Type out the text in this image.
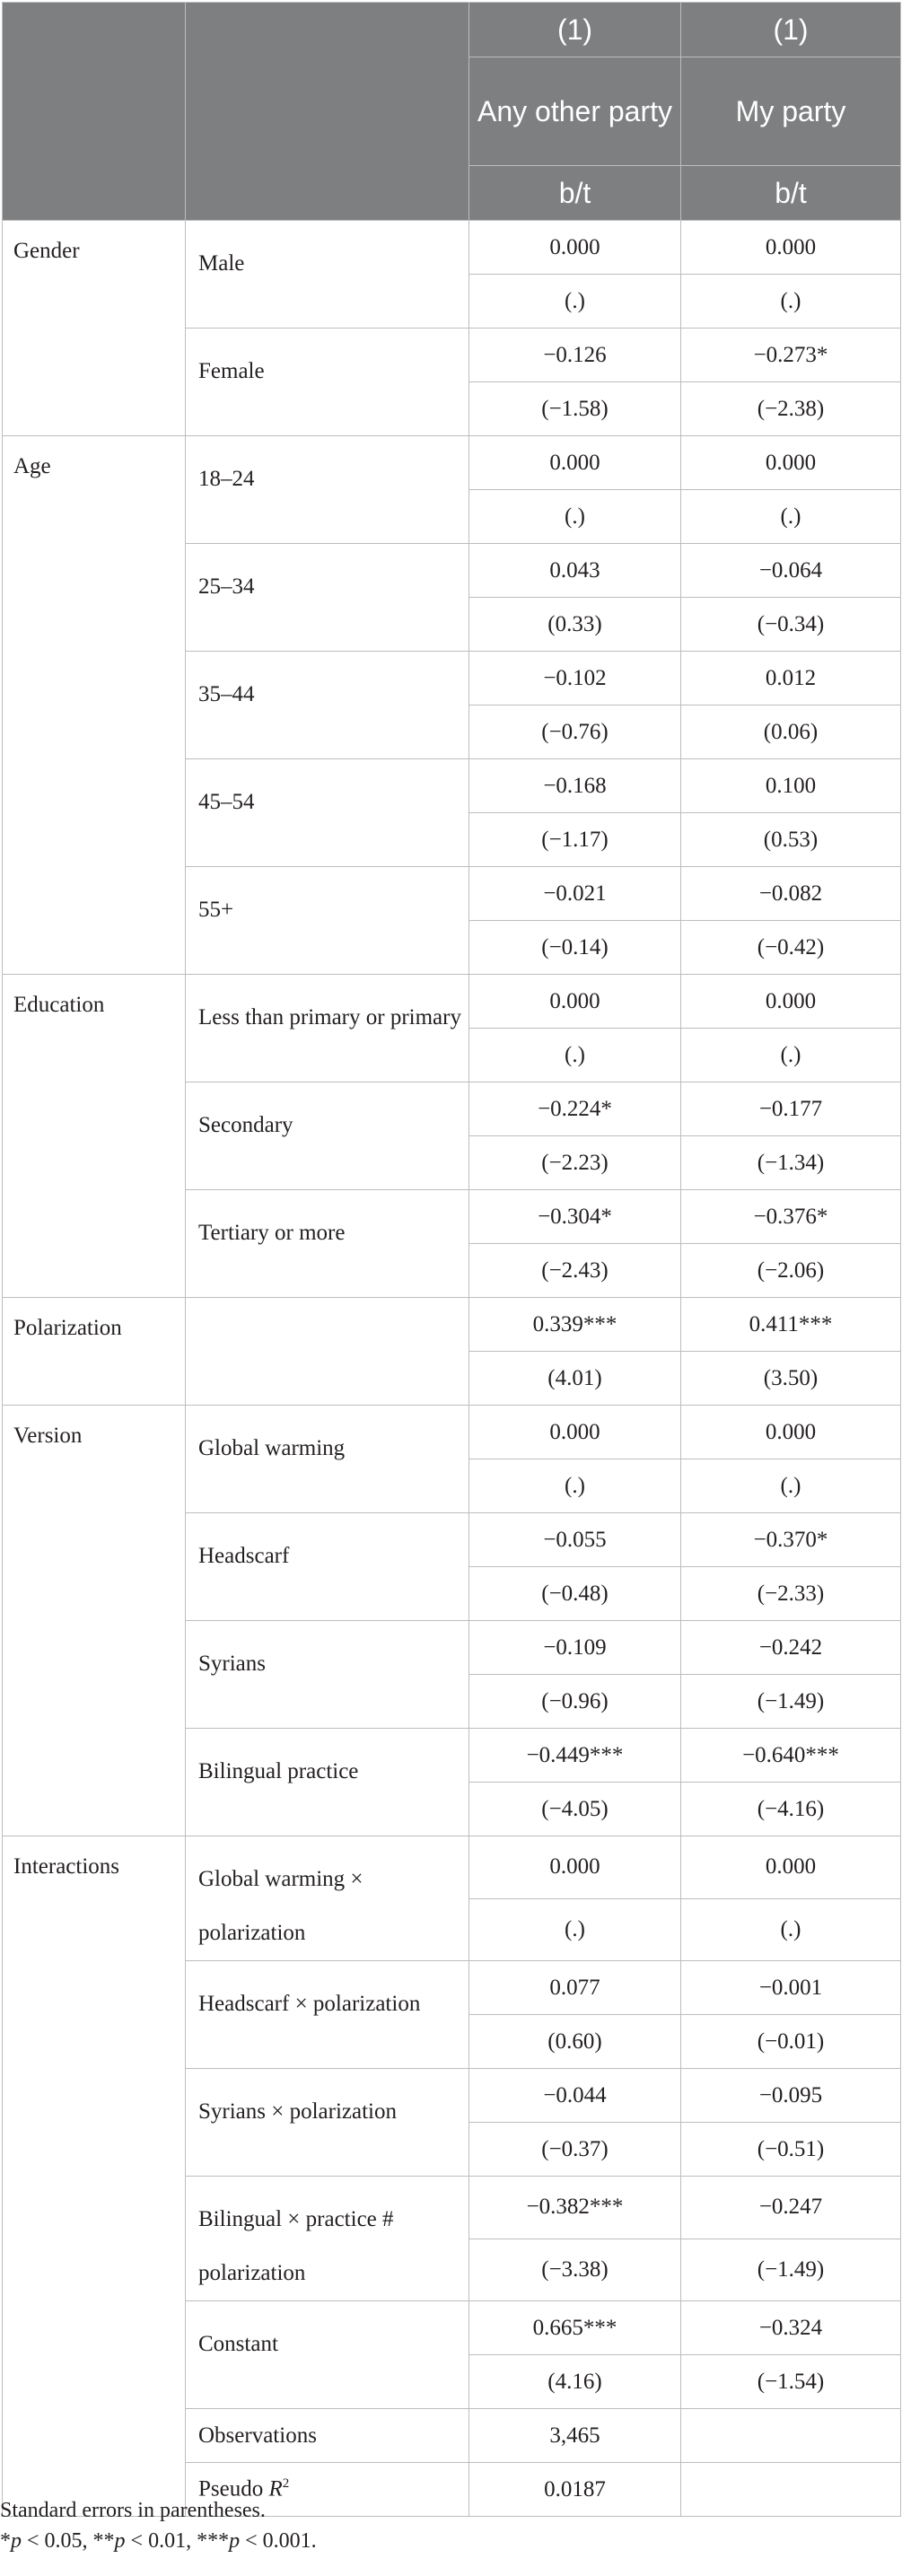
		(1)	(1)
		Any other party	My party
		b/t	b/t
Gender	Male	0.000	0.000
		(.)	(.)
	Female	−0.126	−0.273*
		(−1.58)	(−2.38)
Age	18–24	0.000	0.000
		(.)	(.)
	25–34	0.043	−0.064
		(0.33)	(−0.34)
	35–44	−0.102	0.012
		(−0.76)	(0.06)
	45–54	−0.168	0.100
		(−1.17)	(0.53)
	55+	−0.021	−0.082
		(−0.14)	(−0.42)
Education	Less than primary or primary	0.000	0.000
		(.)	(.)
	Secondary	−0.224*	−0.177
		(−2.23)	(−1.34)
	Tertiary or more	−0.304*	−0.376*
		(−2.43)	(−2.06)
Polarization		0.339***	0.411***
		(4.01)	(3.50)
Version	Global warming	0.000	0.000
		(.)	(.)
	Headscarf	−0.055	−0.370*
		(−0.48)	(−2.33)
	Syrians	−0.109	−0.242
		(−0.96)	(−1.49)
	Bilingual practice	−0.449***	−0.640***
		(−4.05)	(−4.16)
Interactions	Global warming × polarization	0.000	0.000
		(.)	(.)
	Headscarf × polarization	0.077	−0.001
		(0.60)	(−0.01)
	Syrians × polarization	−0.044	−0.095
		(−0.37)	(−0.51)
	Bilingual × practice # polarization	−0.382***	−0.247
		(−3.38)	(−1.49)
	Constant	0.665***	−0.324
		(4.16)	(−1.54)
	Observations	3,465	
	Pseudo $R^2$	0.0187	
Standard errors in parentheses.
*p < 0.05, **p < 0.01, ***p < 0.001.
